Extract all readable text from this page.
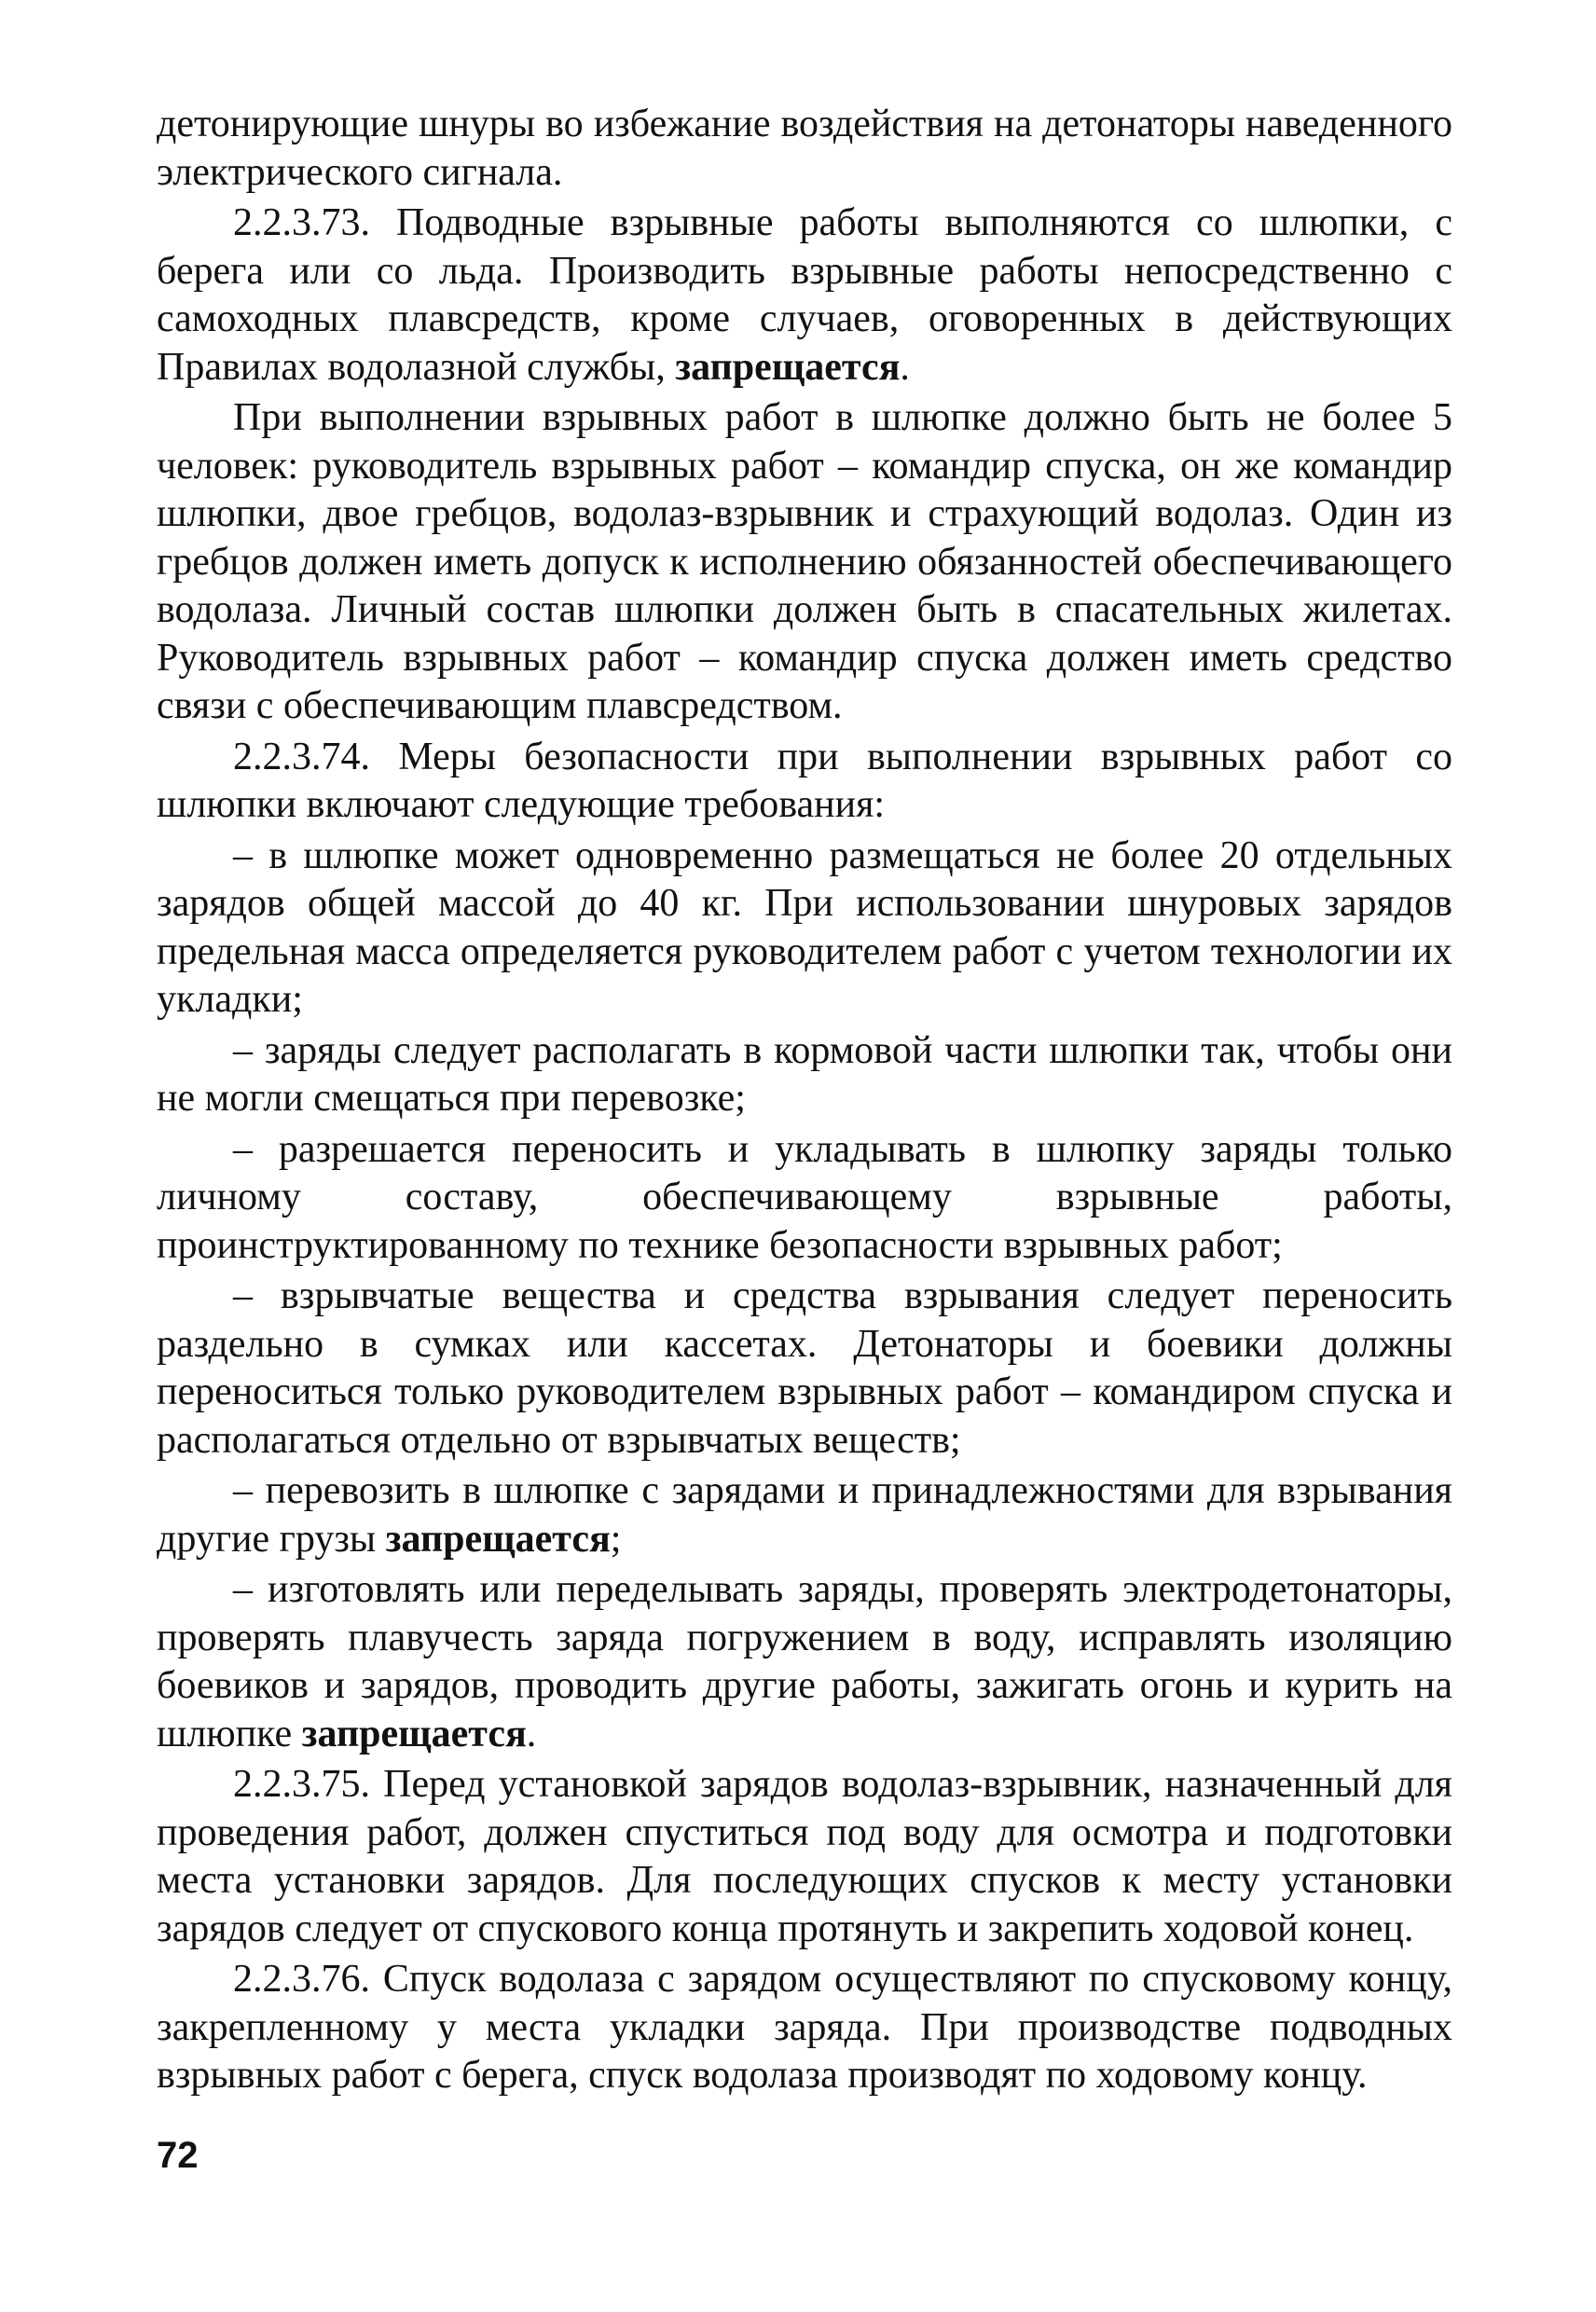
детонирующие шнуры во избежание воздействия на детонаторы наведенного электрического сигнала.

2.2.3.73. Подводные взрывные работы выполняются со шлюпки, с берега или со льда. Производить взрывные работы непосредственно с самоходных плавсредств, кроме случаев, оговоренных в действующих Правилах водолазной службы, запрещается.

При выполнении взрывных работ в шлюпке должно быть не более 5 человек: руководитель взрывных работ – командир спуска, он же командир шлюпки, двое гребцов, водолаз-взрывник и страхующий водолаз. Один из гребцов должен иметь допуск к исполнению обязанностей обеспечивающего водолаза. Личный состав шлюпки должен быть в спасательных жилетах. Руководитель взрывных работ – командир спуска должен иметь средство связи с обеспечивающим плавсредством.

2.2.3.74. Меры безопасности при выполнении взрывных работ со шлюпки включают следующие требования:

– в шлюпке может одновременно размещаться не более 20 отдельных зарядов общей массой до 40 кг. При использовании шнуровых зарядов предельная масса определяется руководителем работ с учетом технологии их укладки;

– заряды следует располагать в кормовой части шлюпки так, чтобы они не могли смещаться при перевозке;

– разрешается переносить и укладывать в шлюпку заряды только личному составу, обеспечивающему взрывные работы, проинструктированному по технике безопасности взрывных работ;

– взрывчатые вещества и средства взрывания следует переносить раздельно в сумках или кассетах. Детонаторы и боевики должны переноситься только руководителем взрывных работ – командиром спуска и располагаться отдельно от взрывчатых веществ;

– перевозить в шлюпке с зарядами и принадлежностями для взрывания другие грузы запрещается;

– изготовлять или переделывать заряды, проверять электродетонаторы, проверять плавучесть заряда погружением в воду, исправлять изоляцию боевиков и зарядов, проводить другие работы, зажигать огонь и курить на шлюпке запрещается.

2.2.3.75. Перед установкой зарядов водолаз-взрывник, назначенный для проведения работ, должен спуститься под воду для осмотра и подготовки места установки зарядов. Для последующих спусков к месту установки зарядов следует от спускового конца протянуть и закрепить ходовой конец.

2.2.3.76. Спуск водолаза с зарядом осуществляют по спусковому концу, закрепленному у места укладки заряда. При производстве подводных взрывных работ с берега, спуск водолаза производят по ходовому концу.

72
